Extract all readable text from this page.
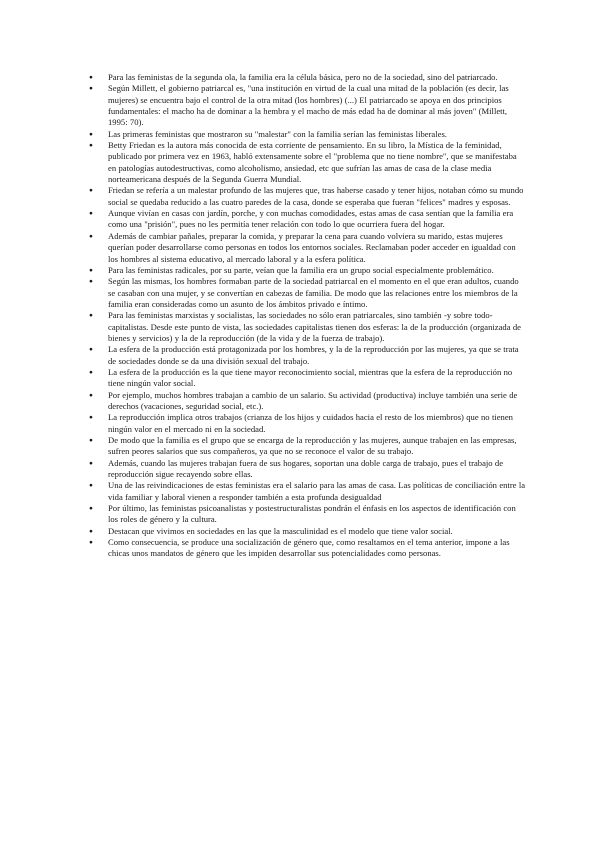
● Para las feministas de la segunda ola, la familia era la célula básica, pero no de la sociedad, sino del patriarcado.
● Según Millett, el gobierno patriarcal es, "una institución en virtud de la cual una mitad de la población (es decir, las mujeres) se encuentra bajo el control de la otra mitad (los hombres) (...) El patriarcado se apoya en dos principios fundamentales: el macho ha de dominar a la hembra y el macho de más edad ha de dominar al más joven" (Millett, 1995: 70).
● Las primeras feministas que mostraron su "malestar" con la familia serían las feministas liberales.
● Betty Friedan es la autora más conocida de esta corriente de pensamiento. En su libro, la Mística de la feminidad, publicado por primera vez en 1963, habló extensamente sobre el "problema que no tiene nombre", que se manifestaba en patologías autodestructivas, como alcoholismo, ansiedad, etc que sufrían las amas de casa de la clase media norteamericana después de la Segunda Guerra Mundial.
● Friedan se refería a un malestar profundo de las mujeres que, tras haberse casado y tener hijos, notaban cómo su mundo social se quedaba reducido a las cuatro paredes de la casa, donde se esperaba que fueran "felices" madres y esposas.
● Aunque vivían en casas con jardín, porche, y con muchas comodidades, estas amas de casa sentían que la familia era como una "prisión", pues no les permitía tener relación con todo lo que ocurriera fuera del hogar.
● Además de cambiar pañales, preparar la comida, y preparar la cena para cuando volviera su marido, estas mujeres querían poder desarrollarse como personas en todos los entornos sociales. Reclamaban poder acceder en igualdad con los hombres al sistema educativo, al mercado laboral y a la esfera política.
● Para las feministas radicales, por su parte, veían que la familia era un grupo social especialmente problemático.
● Según las mismas, los hombres formaban parte de la sociedad patriarcal en el momento en el que eran adultos, cuando se casaban con una mujer, y se convertían en cabezas de familia. De modo que las relaciones entre los miembros de la familia eran consideradas como un asunto de los ámbitos privado e íntimo.
● Para las feministas marxistas y socialistas, las sociedades no sólo eran patriarcales, sino también -y sobre todo- capitalistas. Desde este punto de vista, las sociedades capitalistas tienen dos esferas: la de la producción (organizada de bienes y servicios) y la de la reproducción (de la vida y de la fuerza de trabajo).
● La esfera de la producción está protagonizada por los hombres, y la de la reproducción por las mujeres, ya que se trata de sociedades donde se da una división sexual del trabajo.
● La esfera de la producción es la que tiene mayor reconocimiento social, mientras que la esfera de la reproducción no tiene ningún valor social.
● Por ejemplo, muchos hombres trabajan a cambio de un salario. Su actividad (productiva) incluye también una serie de derechos (vacaciones, seguridad social, etc.).
● La reproducción implica otros trabajos (crianza de los hijos y cuidados hacia el resto de los miembros) que no tienen ningún valor en el mercado ni en la sociedad.
● De modo que la familia es el grupo que se encarga de la reproducción y las mujeres, aunque trabajen en las empresas, sufren peores salarios que sus compañeros, ya que no se reconoce el valor de su trabajo.
● Además, cuando las mujeres trabajan fuera de sus hogares, soportan una doble carga de trabajo, pues el trabajo de reproducción sigue recayendo sobre ellas.
● Una de las reivindicaciones de estas feministas era el salario para las amas de casa. Las políticas de conciliación entre la vida familiar y laboral vienen a responder también a esta profunda desigualdad
● Por último, las feministas psicoanalistas y postestructuralistas pondrán el énfasis en los aspectos de identificación con los roles de género y la cultura.
● Destacan que vivimos en sociedades en las que la masculinidad es el modelo que tiene valor social.
● Como consecuencia, se produce una socialización de género que, como resaltamos en el tema anterior, impone a las chicas unos mandatos de género que les impiden desarrollar sus potencialidades como personas.
